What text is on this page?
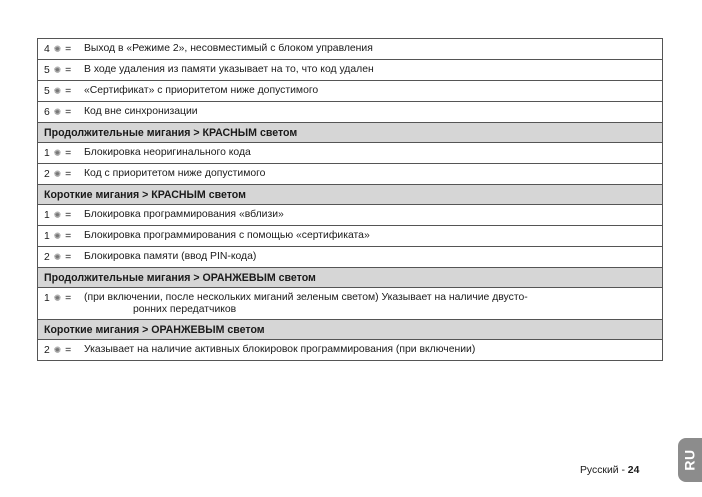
4 ✺ =	Выход в «Режиме 2», несовместимый с блоком управления
5 ✺ =	В ходе удаления из памяти указывает на то, что код удален
5 ✺ =	«Сертификат» с приоритетом ниже допустимого
6 ✺ =	Код вне синхронизации
Продолжительные мигания > КРАСНЫМ светом
1 ✺ =	Блокировка неоригинального кода
2 ✺ =	Код с приоритетом ниже допустимого
Короткие мигания > КРАСНЫМ светом
1 ✺ =	Блокировка программирования «вблизи»
1 ✺ =	Блокировка программирования с помощью «сертификата»
2 ✺ =	Блокировка памяти (ввод PIN-кода)
Продолжительные мигания > ОРАНЖЕВЫМ светом
1 ✺ =	(при включении, после нескольких миганий зеленым светом) Указывает на наличие двусто-
ронних передатчиков
Короткие мигания > ОРАНЖЕВЫМ светом
2 ✺ =	Указывает на наличие активных блокировок программирования (при включении)
Русский - 24	RU
